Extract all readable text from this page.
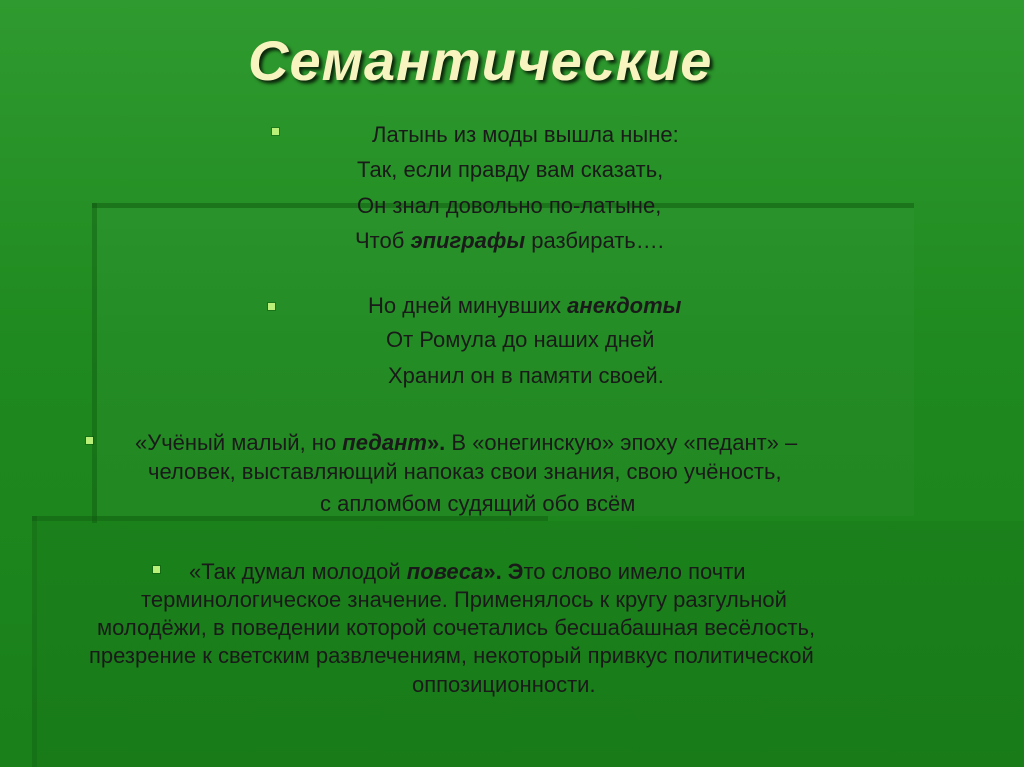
Семантические
Латынь из моды вышла ныне:
Так, если правду вам сказать,
Он знал довольно по-латыне,
Чтоб эпиграфы разбирать….
Но дней минувших анекдоты
От Ромула до наших дней
Хранил он в памяти своей.
«Учёный малый, но педант». В «онегинскую» эпоху «педант» –
человек, выставляющий напоказ свои знания, свою учёность,
с апломбом судящий обо всём
«Так думал молодой повеса». Это слово имело почти
терминологическое значение. Применялось к кругу разгульной
молодёжи, в поведении которой сочетались бесшабашная весёлость,
презрение к светским развлечениям, некоторый привкус политической
оппозиционности.
